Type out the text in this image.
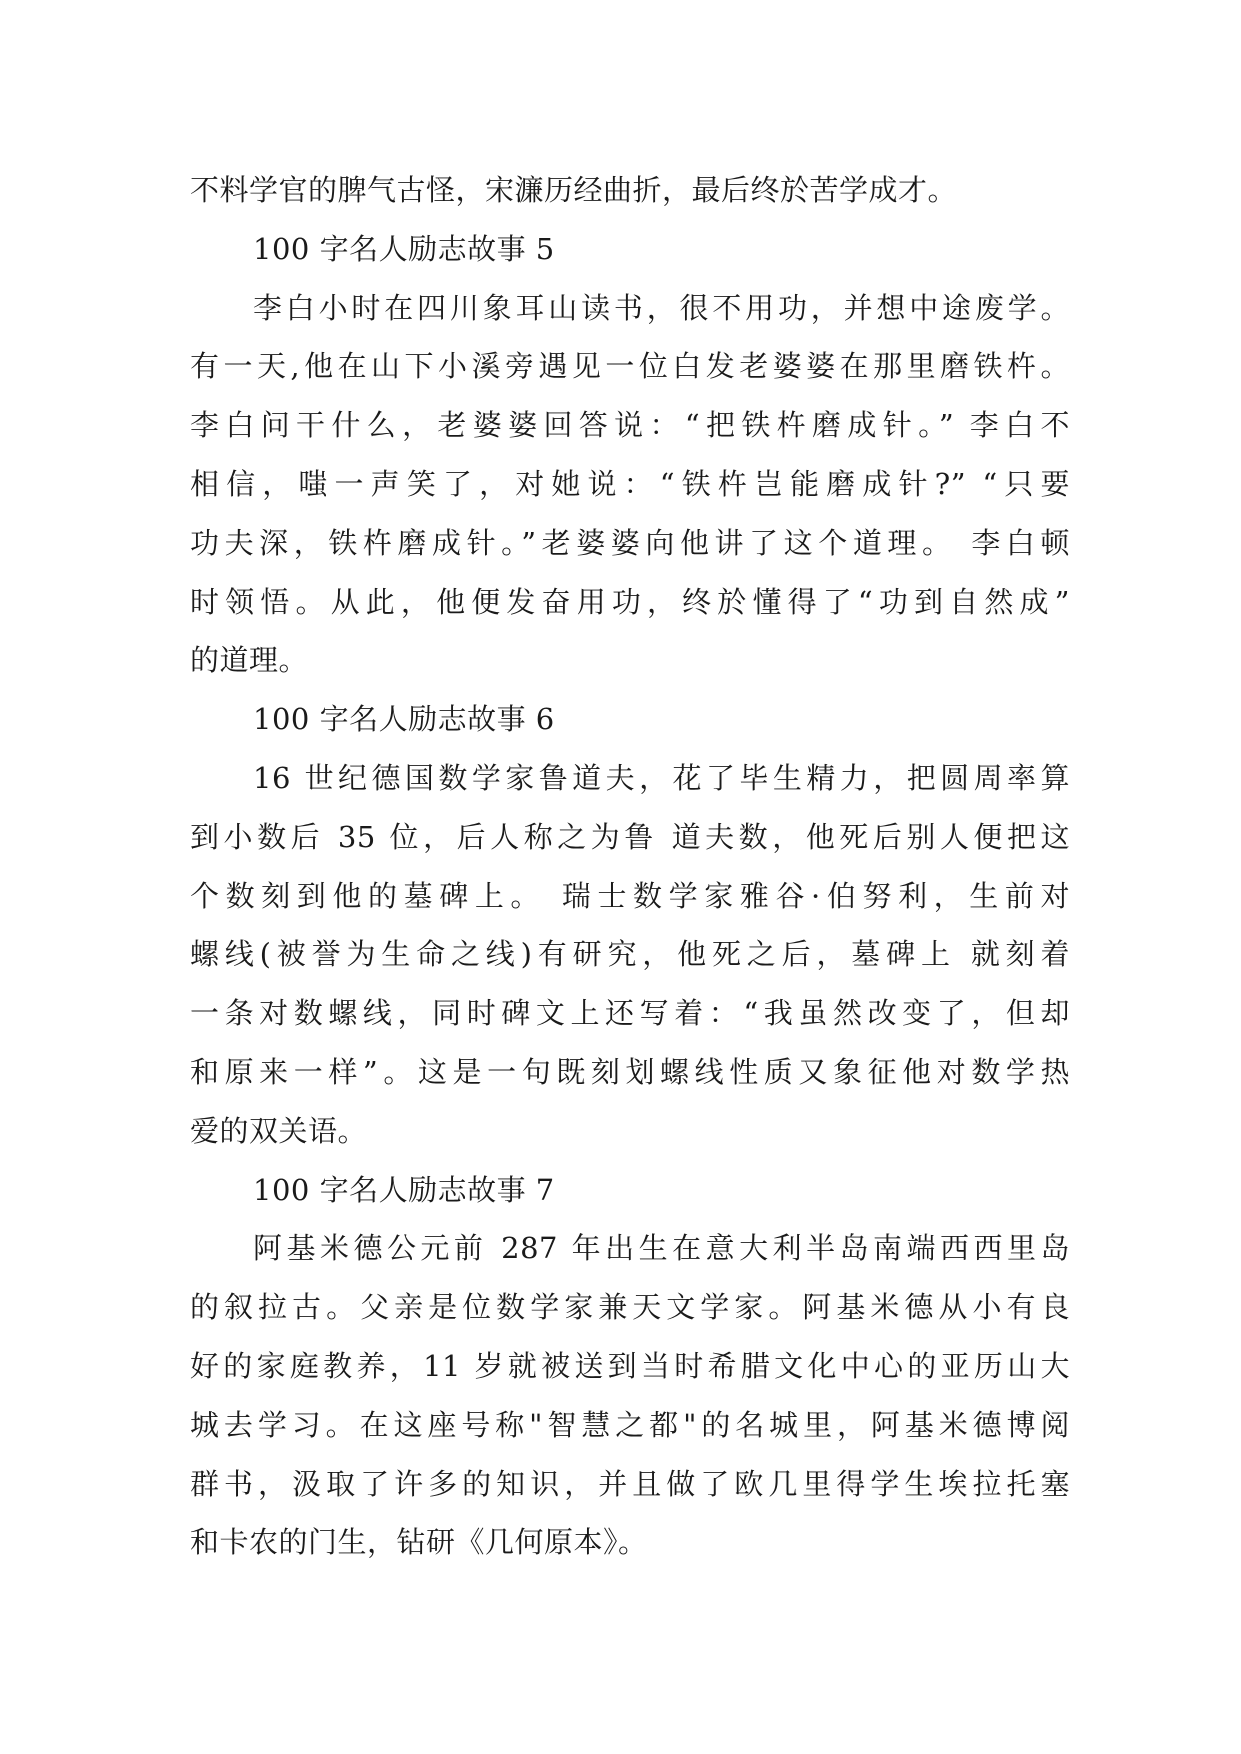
不料学官的脾气古怪，宋濂历经曲折，最后终於苦学成才。
100 字名人励志故事 5
李白小时在四川象耳山读书，很不用功，并想中途废学。
有一天,他在山下小溪旁遇见一位白发老婆婆在那里磨铁杵。
李白问干什么，老婆婆回答说：“把铁杵磨成针。” 李白不
相信，嗤一声笑了，对她说：“铁杵岂能磨成针?” “只要
功夫深，铁杵磨成针。”老婆婆向他讲了这个道理。 李白顿
时领悟。从此，他便发奋用功，终於懂得了“功到自然成”
的道理。
100 字名人励志故事 6
16 世纪德国数学家鲁道夫，花了毕生精力，把圆周率算
到小数后 35 位，后人称之为鲁 道夫数，他死后别人便把这
个数刻到他的墓碑上。 瑞士数学家雅谷·伯努利，生前对
螺线(被誉为生命之线)有研究，他死之后，墓碑上 就刻着
一条对数螺线，同时碑文上还写着：“我虽然改变了，但却
和原来一样”。这是一句既刻划螺线性质又象征他对数学热
爱的双关语。
100 字名人励志故事 7
阿基米德公元前 287 年出生在意大利半岛南端西西里岛
的叙拉古。父亲是位数学家兼天文学家。阿基米德从小有良
好的家庭教养，11 岁就被送到当时希腊文化中心的亚历山大
城去学习。在这座号称"智慧之都"的名城里，阿基米德博阅
群书，汲取了许多的知识，并且做了欧几里得学生埃拉托塞
和卡农的门生，钻研《几何原本》。
